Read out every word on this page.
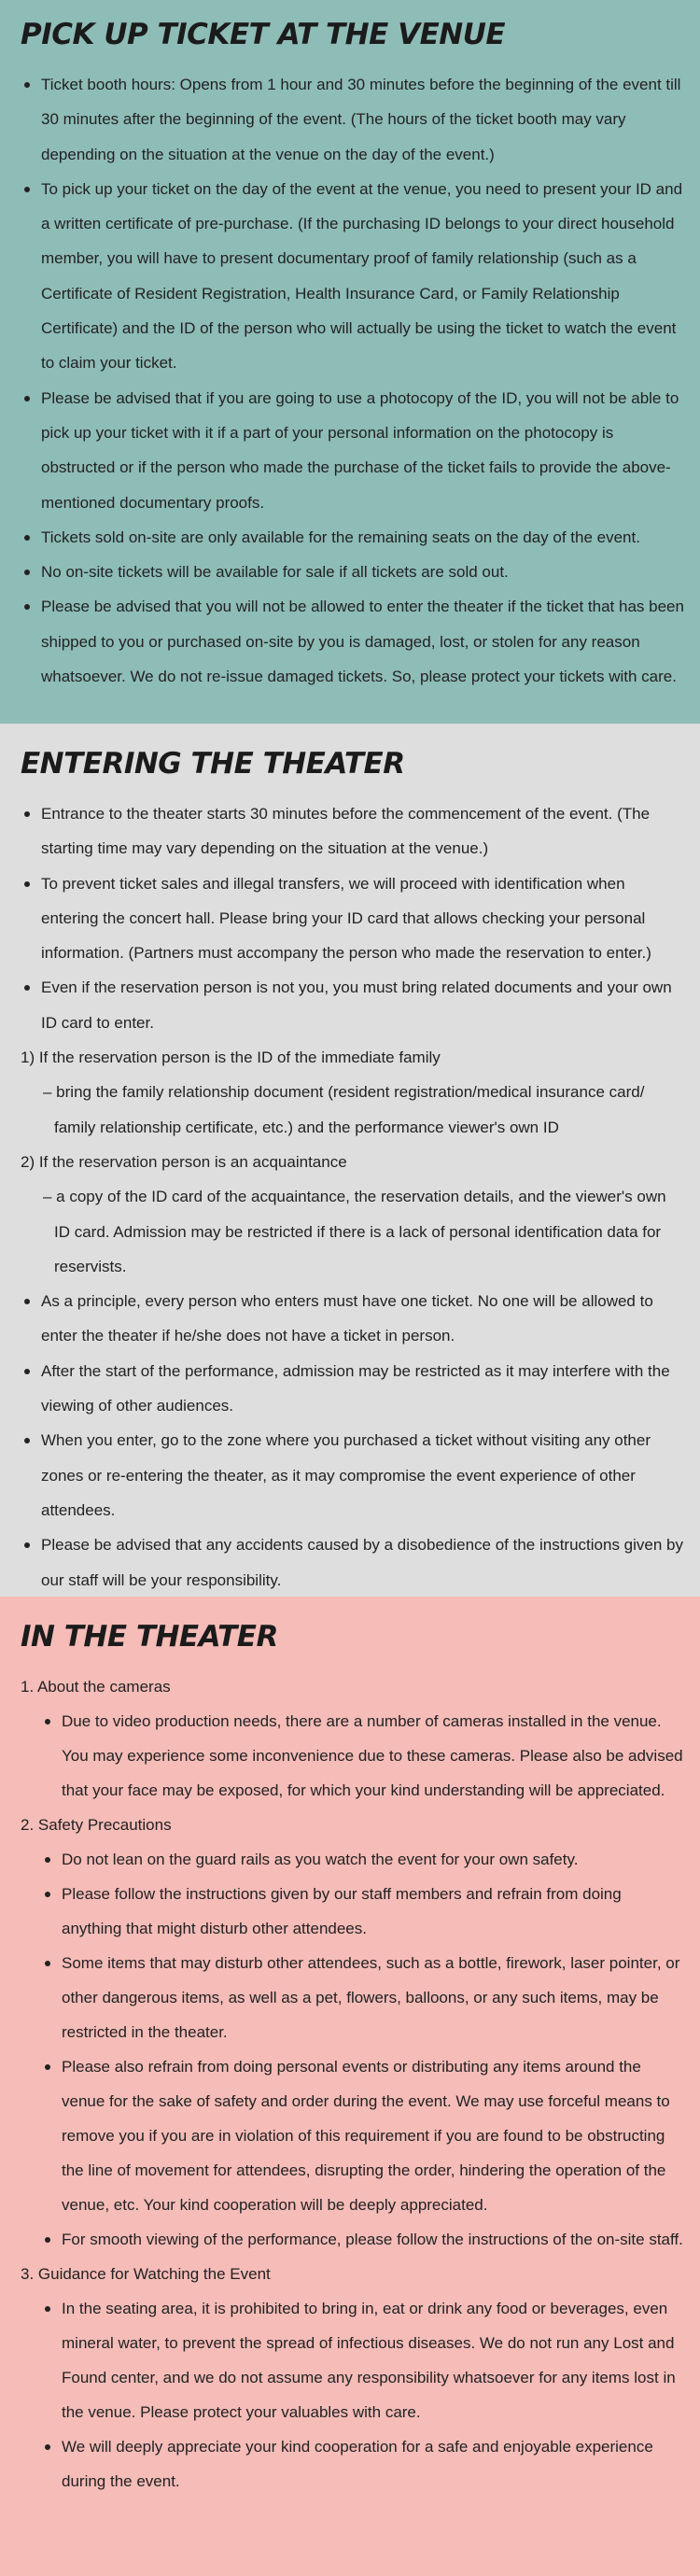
PICK UP TICKET AT THE VENUE
Ticket booth hours: Opens from 1 hour and 30 minutes before the beginning of the event till 30 minutes after the beginning of the event. (The hours of the ticket booth may vary depending on the situation at the venue on the day of the event.)
To pick up your ticket on the day of the event at the venue, you need to present your ID and a written certificate of pre-purchase. (If the purchasing ID belongs to your direct household member, you will have to present documentary proof of family relationship (such as a Certificate of Resident Registration, Health Insurance Card, or Family Relationship Certificate) and the ID of the person who will actually be using the ticket to watch the event to claim your ticket.
Please be advised that if you are going to use a photocopy of the ID, you will not be able to pick up your ticket with it if a part of your personal information on the photocopy is obstructed or if the person who made the purchase of the ticket fails to provide the above-mentioned documentary proofs.
Tickets sold on-site are only available for the remaining seats on the day of the event.
No on-site tickets will be available for sale if all tickets are sold out.
Please be advised that you will not be allowed to enter the theater if the ticket that has been shipped to you or purchased on-site by you is damaged, lost, or stolen for any reason whatsoever. We do not re-issue damaged tickets. So, please protect your tickets with care.
ENTERING THE THEATER
Entrance to the theater starts 30 minutes before the commencement of the event. (The starting time may vary depending on the situation at the venue.)
To prevent ticket sales and illegal transfers, we will proceed with identification when entering the concert hall. Please bring your ID card that allows checking your personal information. (Partners must accompany the person who made the reservation to enter.)
Even if the reservation person is not you, you must bring related documents and your own ID card to enter.
1) If the reservation person is the ID of the immediate family
– bring the family relationship document (resident registration/medical insurance card/ family relationship certificate, etc.) and the performance viewer's own ID
2) If the reservation person is an acquaintance
– a copy of the ID card of the acquaintance, the reservation details, and the viewer's own ID card. Admission may be restricted if there is a lack of personal identification data for reservists.
As a principle, every person who enters must have one ticket. No one will be allowed to enter the theater if he/she does not have a ticket in person.
After the start of the performance, admission may be restricted as it may interfere with the viewing of other audiences.
When you enter, go to the zone where you purchased a ticket without visiting any other zones or re-entering the theater, as it may compromise the event experience of other attendees.
Please be advised that any accidents caused by a disobedience of the instructions given by our staff will be your responsibility.
IN THE THEATER
1. About the cameras
Due to video production needs, there are a number of cameras installed in the venue. You may experience some inconvenience due to these cameras. Please also be advised that your face may be exposed, for which your kind understanding will be appreciated.
2. Safety Precautions
Do not lean on the guard rails as you watch the event for your own safety.
Please follow the instructions given by our staff members and refrain from doing anything that might disturb other attendees.
Some items that may disturb other attendees, such as a bottle, firework, laser pointer, or other dangerous items, as well as a pet, flowers, balloons, or any such items, may be restricted in the theater.
Please also refrain from doing personal events or distributing any items around the venue for the sake of safety and order during the event. We may use forceful means to remove you if you are in violation of this requirement if you are found to be obstructing the line of movement for attendees, disrupting the order, hindering the operation of the venue, etc. Your kind cooperation will be deeply appreciated.
For smooth viewing of the performance, please follow the instructions of the on-site staff.
3. Guidance for Watching the Event
In the seating area, it is prohibited to bring in, eat or drink any food or beverages, even mineral water, to prevent the spread of infectious diseases. We do not run any Lost and Found center, and we do not assume any responsibility whatsoever for any items lost in the venue. Please protect your valuables with care.
We will deeply appreciate your kind cooperation for a safe and enjoyable experience during the event.
